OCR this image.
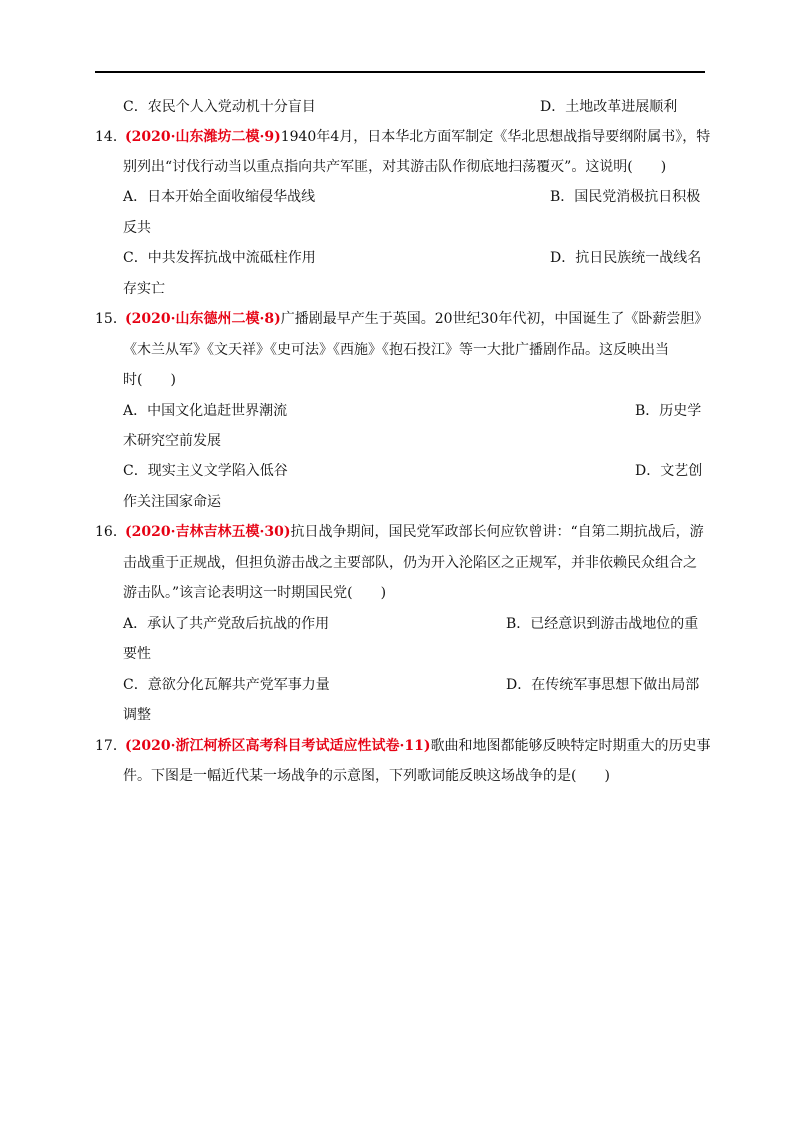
C．农民个人入党动机十分盲目	D．土地改革进展顺利
14．
(2020·山东潍坊二模·9)1940年4月，日本华北方面军制定《华北思想战指导要纲附属书》，特
别列出“讨伐行动当以重点指向共产军匪，对其游击队作彻底地扫荡覆灭”。这说明(　　)
A．日本开始全面收缩侵华战线	B．国民党消极抗日积极
反共
C．中共发挥抗战中流砥柱作用	D．抗日民族统一战线名
存实亡
15．
(2020·山东德州二模·8)广播剧最早产生于英国。20世纪30年代初，中国诞生了《卧薪尝胆》
《木兰从军》《文天祥》《史可法》《西施》《抱石投江》等一大批广播剧作品。这反映出当
时(　　)
A．中国文化追赶世界潮流	B．历史学
术研究空前发展
C．现实主义文学陷入低谷	D．文艺创
作关注国家命运
16．
(2020·吉林吉林五模·30)抗日战争期间，国民党军政部长何应钦曾讲：“自第二期抗战后，游
击战重于正规战，但担负游击战之主要部队，仍为开入沦陷区之正规军，并非依赖民众组合之
游击队。”该言论表明这一时期国民党(　　)
A．承认了共产党敌后抗战的作用	B．已经意识到游击战地位的重
要性
C．意欲分化瓦解共产党军事力量	D．在传统军事思想下做出局部
调整
17．
(2020·浙江柯桥区高考科目考试适应性试卷·11)歌曲和地图都能够反映特定时期重大的历史事
件。下图是一幅近代某一场战争的示意图，下列歌词能反映这场战争的是(　　)
